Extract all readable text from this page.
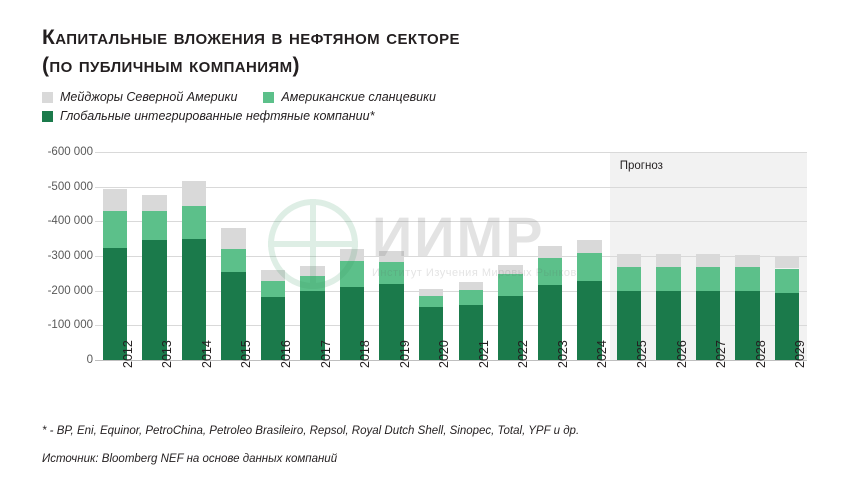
Капитальные вложения в нефтяном секторе
(по публичным компаниям)
Мейджоры Северной Америки	Американские сланцевики
Глобальные интегрированные нефтяные компании*
Прогноз
0
-100 000
-200 000
-300 000
-400 000
-500 000
-600 000
2012 2013 2014 2015 2016 2017 2018 2019 2020 2021 2022 2023 2024 2025 2026 2027 2028 2029
ИИМР
Институт Изучения Мировых Рынков
* - BP, Eni, Equinor, PetroChina, Petroleo Brasileiro, Repsol, Royal Dutch Shell, Sinopec, Total, YPF и др.
Источник: Bloomberg NEF на основе данных компаний
